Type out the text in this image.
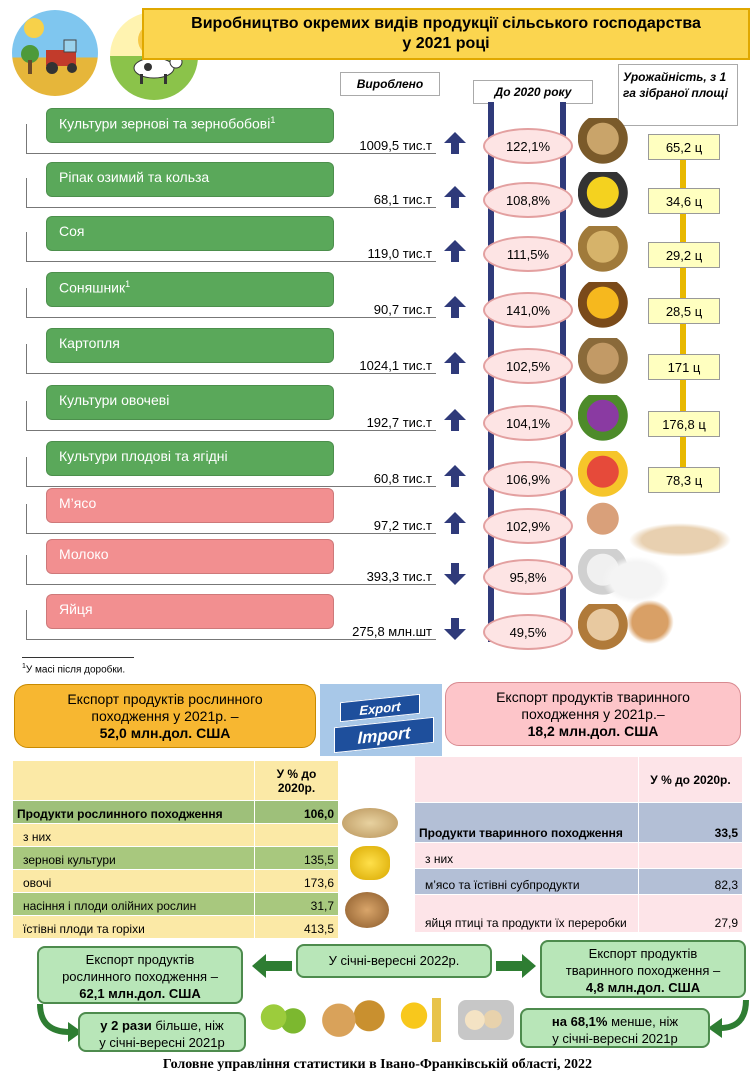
Виробництво окремих видів продукції сільського господарства
у 2021 році
Вироблено
До 2020 року
Урожайність, з 1 га зібраної площі
Культури зернові та зернобобові$^1$
1009,5 тис.т	122,1%	65,2 ц
Ріпак озимий та кольза
68,1 тис.т	108,8%	34,6 ц
Соя
119,0 тис.т	111,5%	29,2 ц
Соняшник$^1$
90,7 тис.т	141,0%	28,5 ц
Картопля
1024,1 тис.т	102,5%	171 ц
Культури овочеві
192,7 тис.т	104,1%	176,8 ц
Культури плодові та ягідні
60,8 тис.т	106,9%	78,3 ц
М’ясо
97,2 тис.т	102,9%
Молоко
393,3 тис.т	95,8%
Яйця
275,8 млн.шт	49,5%
$^1$У масі після доробки.
Експорт продуктів рослинного
походження у 2021р. –
52,0 млн.дол. США
Експорт продуктів тваринного
походження у 2021р.–
18,2 млн.дол. США
Export
Import
	У % до 2020р.
Продукти рослинного походження	106,0
з них	
зернові культури	135,5
овочі	173,6
насіння і плоди олійних рослин	31,7
їстівні плоди та горіхи	413,5
	У % до 2020р.
Продукти тваринного походження	33,5
з них	
м’ясо та їстівні субпродукти	82,3
яйця птиці та продукти їх переробки	27,9
Експорт продуктів
рослинного походження –
62,1 млн.дол. США
У січні-вересні 2022р.	Експорт продуктів
тваринного походження –
4,8 млн.дол. США
у 2 рази більше, ніж
у січні-вересні 2021р
на 68,1% менше, ніж
у січні-вересні 2021р
Головне управління статистики в Івано-Франківській області, 2022
